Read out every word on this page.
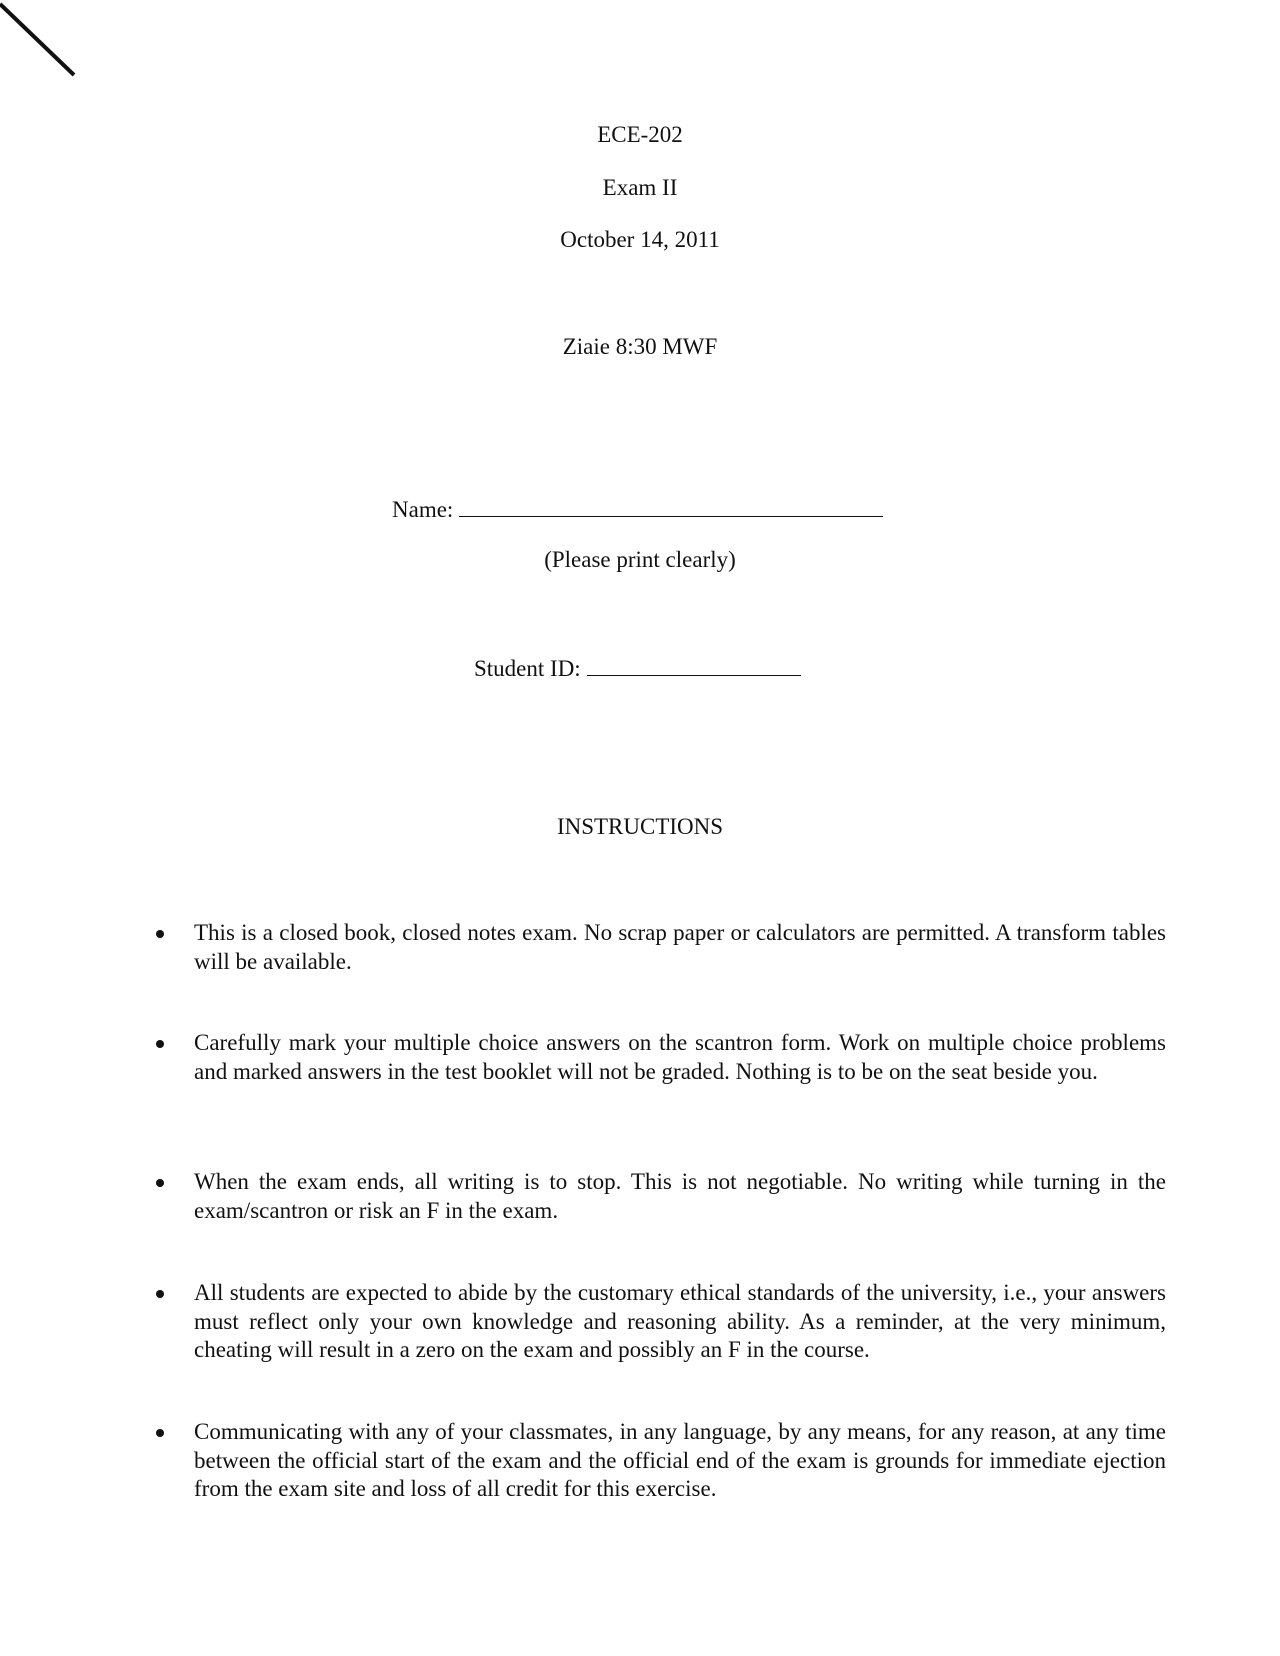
ECE-202
Exam II
October 14, 2011
Ziaie 8:30 MWF
Name:
(Please print clearly)
Student ID:
INSTRUCTIONS
This is a closed book, closed notes exam. No scrap paper or calculators are permitted. A transform tables will be available.
Carefully mark your multiple choice answers on the scantron form. Work on multiple choice problems and marked answers in the test booklet will not be graded. Nothing is to be on the seat beside you.
When the exam ends, all writing is to stop. This is not negotiable. No writing while turning in the exam/scantron or risk an F in the exam.
All students are expected to abide by the customary ethical standards of the university, i.e., your answers must reflect only your own knowledge and reasoning ability. As a reminder, at the very minimum, cheating will result in a zero on the exam and possibly an F in the course.
Communicating with any of your classmates, in any language, by any means, for any reason, at any time between the official start of the exam and the official end of the exam is grounds for immediate ejection from the exam site and loss of all credit for this exercise.
